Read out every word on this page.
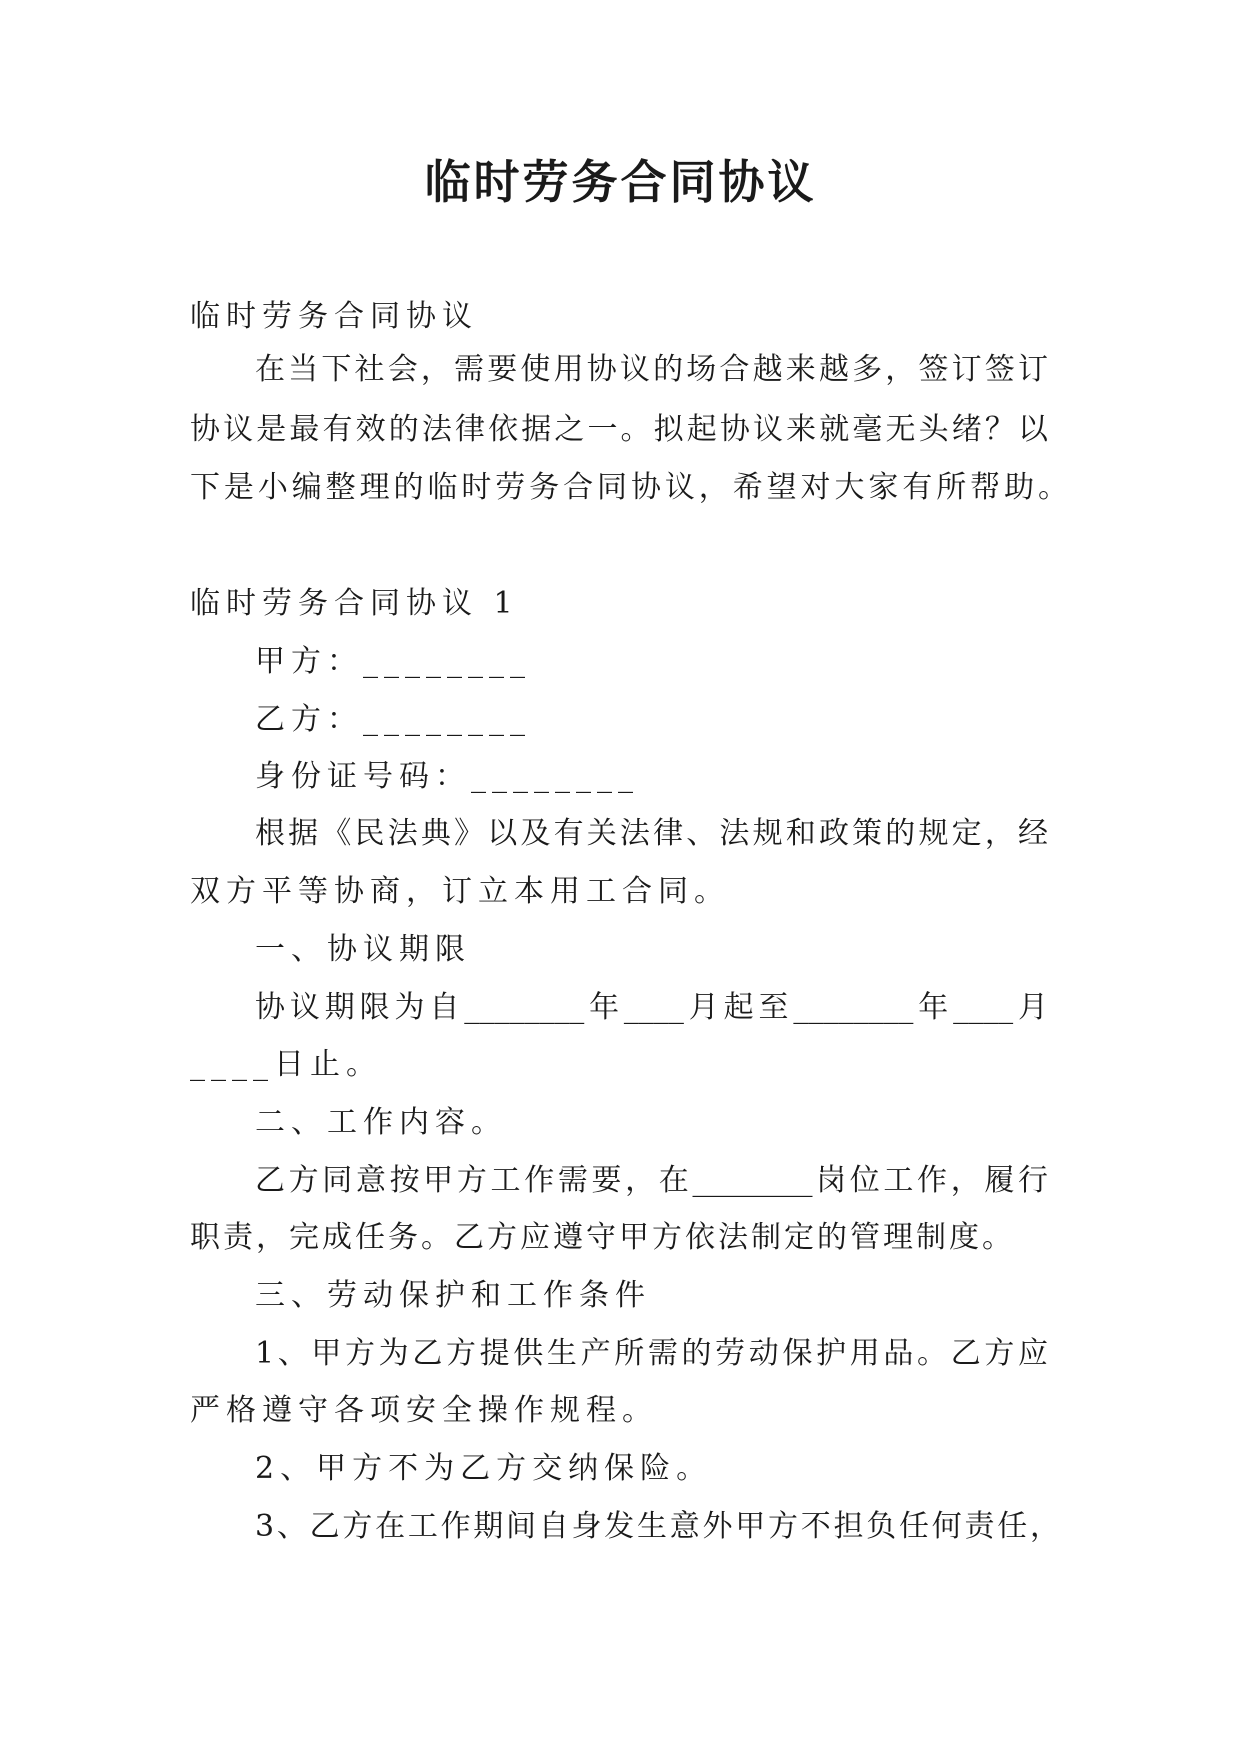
临时劳务合同协议

临时劳务合同协议

在当下社会，需要使用协议的场合越来越多，签订签订

协议是最有效的法律依据之一。拟起协议来就毫无头绪？以

下是小编整理的临时劳务合同协议，希望对大家有所帮助。

临时劳务合同协议 1

甲方：________

乙方：________

身份证号码：________

根据《民法典》以及有关法律、法规和政策的规定，经

双方平等协商，订立本用工合同。

一、协议期限

协议期限为自________年____月起至________年____月

____日止。

二、工作内容。

乙方同意按甲方工作需要，在________岗位工作，履行

职责，完成任务。乙方应遵守甲方依法制定的管理制度。

三、劳动保护和工作条件

1、甲方为乙方提供生产所需的劳动保护用品。乙方应

严格遵守各项安全操作规程。

2、甲方不为乙方交纳保险。

3、乙方在工作期间自身发生意外甲方不担负任何责任，
